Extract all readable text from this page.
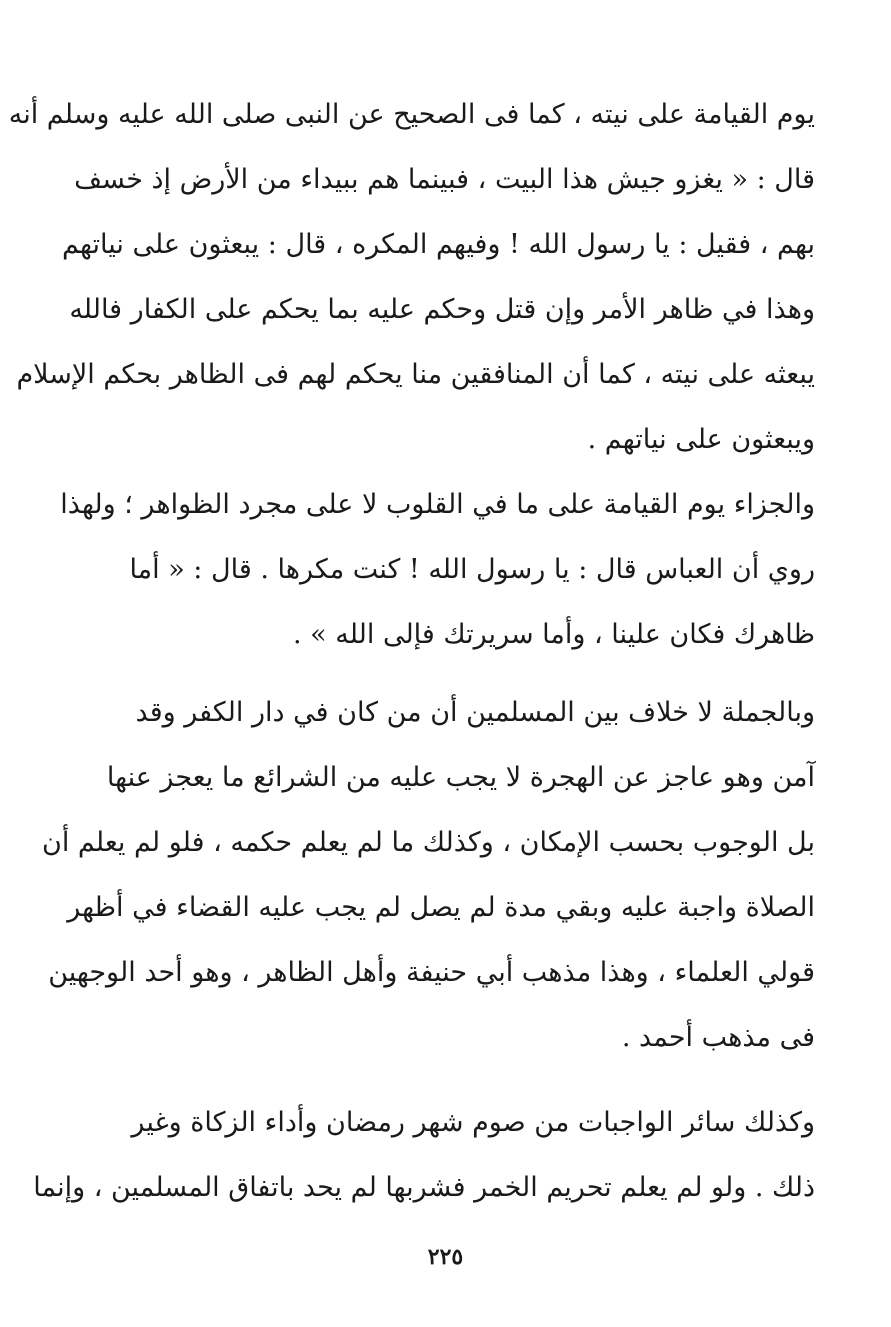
يوم القيامة على نيته ، كما فى الصحيح عن النبى صلى الله عليه وسلم أنه
قال : « يغزو جيش هذا البيت ، فبينما هم ببيداء من الأرض إذ خسف
بهم ، فقيل : يا رسول الله ! وفيهم المكره ، قال : يبعثون على نياتهم
وهذا في ظاهر الأمر وإن قتل وحكم عليه بما يحكم على الكفار فالله
يبعثه على نيته ، كما أن المنافقين منا يحكم لهم فى الظاهر بحكم الإسلام
ويبعثون على نياتهم .
والجزاء يوم القيامة على ما في القلوب لا على مجرد الظواهر ؛ ولهذا
روي أن العباس قال : يا رسول الله ! كنت مكرها . قال : « أما
ظاهرك فكان علينا ، وأما سريرتك فإلى الله » .
وبالجملة لا خلاف بين المسلمين أن من كان في دار الكفر وقد
آمن وهو عاجز عن الهجرة لا يجب عليه من الشرائع ما يعجز عنها
بل الوجوب بحسب الإمكان ، وكذلك ما لم يعلم حكمه ، فلو لم يعلم أن
الصلاة واجبة عليه وبقي مدة لم يصل لم يجب عليه القضاء في أظهر
قولي العلماء ، وهذا مذهب أبي حنيفة وأهل الظاهر ، وهو أحد الوجهين
فى مذهب أحمد .
وكذلك سائر الواجبات من صوم شهر رمضان وأداء الزكاة وغير
ذلك . ولو لم يعلم تحريم الخمر فشربها لم يحد باتفاق المسلمين ، وإنما
٢٢٥
